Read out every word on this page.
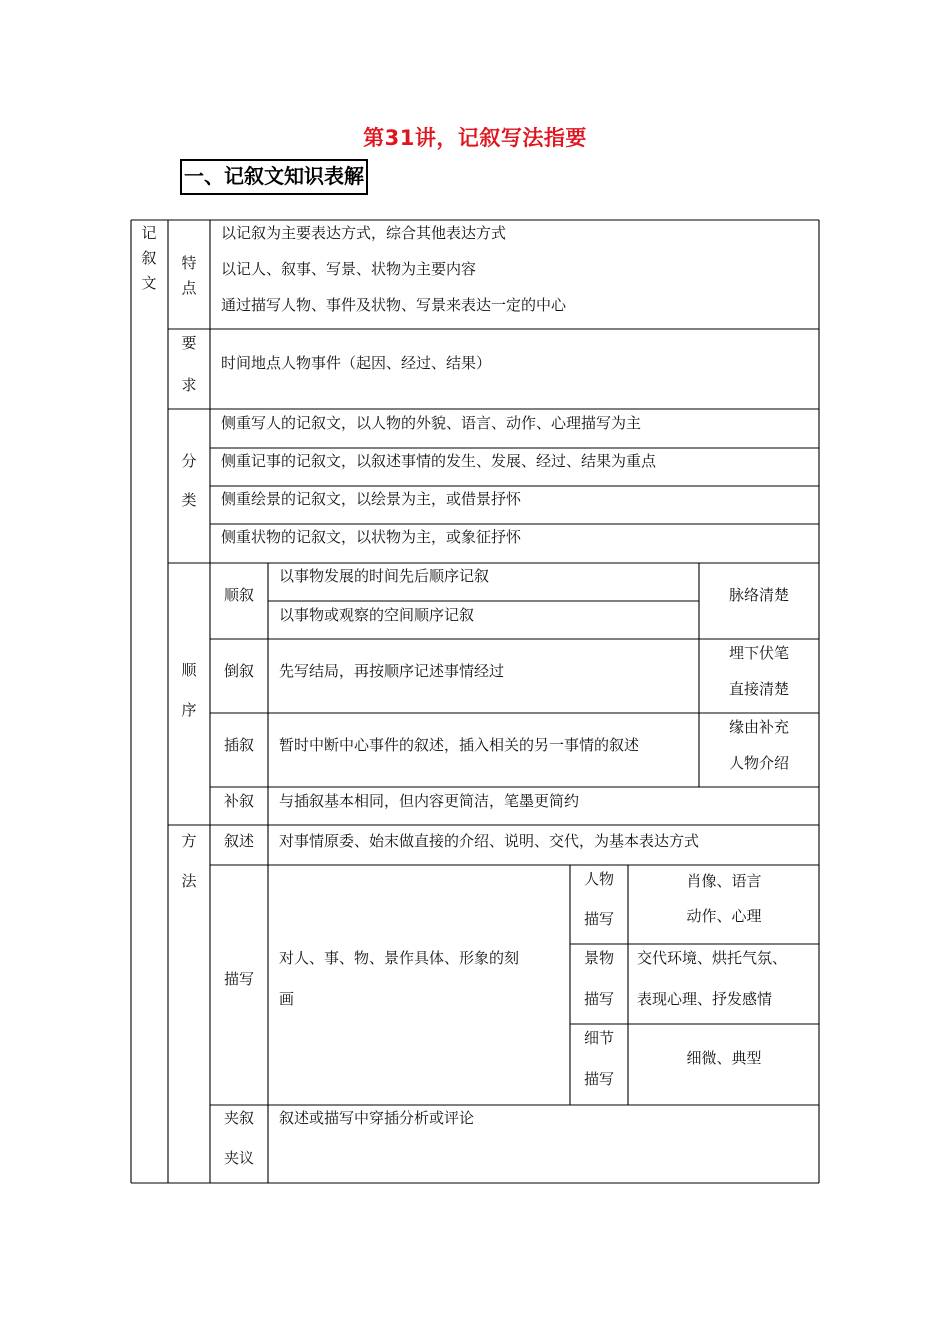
第31讲，记叙写法指要
一、记叙文知识表解
记
叙
文
特
点
以记叙为主要表达方式，综合其他表达方式
以记人、叙事、写景、状物为主要内容
通过描写人物、事件及状物、写景来表达一定的中心
要
求
时间地点人物事件（起因、经过、结果）
分
类
侧重写人的记叙文，以人物的外貌、语言、动作、心理描写为主
侧重记事的记叙文，以叙述事情的发生、发展、经过、结果为重点
侧重绘景的记叙文，以绘景为主，或借景抒怀
侧重状物的记叙文，以状物为主，或象征抒怀
顺
序
顺叙
以事物发展的时间先后顺序记叙
以事物或观察的空间顺序记叙
脉络清楚
倒叙 先写结局，再按顺序记述事情经过
埋下伏笔
直接清楚
插叙 暂时中断中心事件的叙述，插入相关的另一事情的叙述
缘由补充
人物介绍
补叙 与插叙基本相同，但内容更简洁，笔墨更简约
方
法
叙述 对事情原委、始末做直接的介绍、说明、交代，为基本表达方式
描写
对人、事、物、景作具体、形象的刻
画
人物
描写
肖像、语言
动作、心理
景物
描写
交代环境、烘托气氛、
表现心理、抒发感情
细节
描写
细微、典型
夹叙
夹议
叙述或描写中穿插分析或评论
